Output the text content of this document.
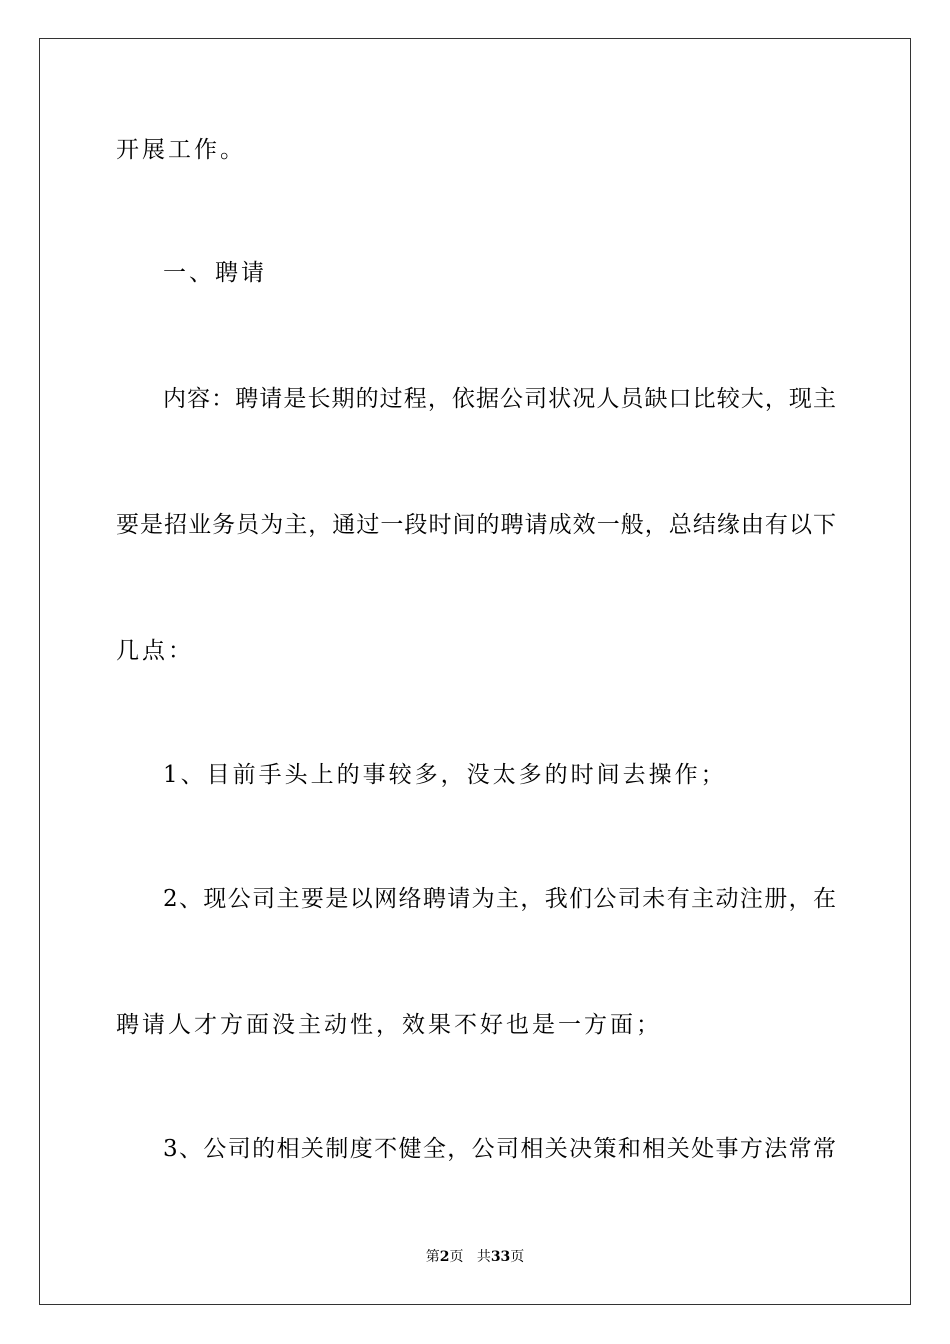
开展工作。
一、聘请
内容：聘请是长期的过程，依据公司状况人员缺口比较大，现主
要是招业务员为主，通过一段时间的聘请成效一般，总结缘由有以下
几点：
1、目前手头上的事较多，没太多的时间去操作；
2、现公司主要是以网络聘请为主，我们公司未有主动注册，在
聘请人才方面没主动性，效果不好也是一方面；
3、公司的相关制度不健全，公司相关决策和相关处事方法常常
第2页 共33页
